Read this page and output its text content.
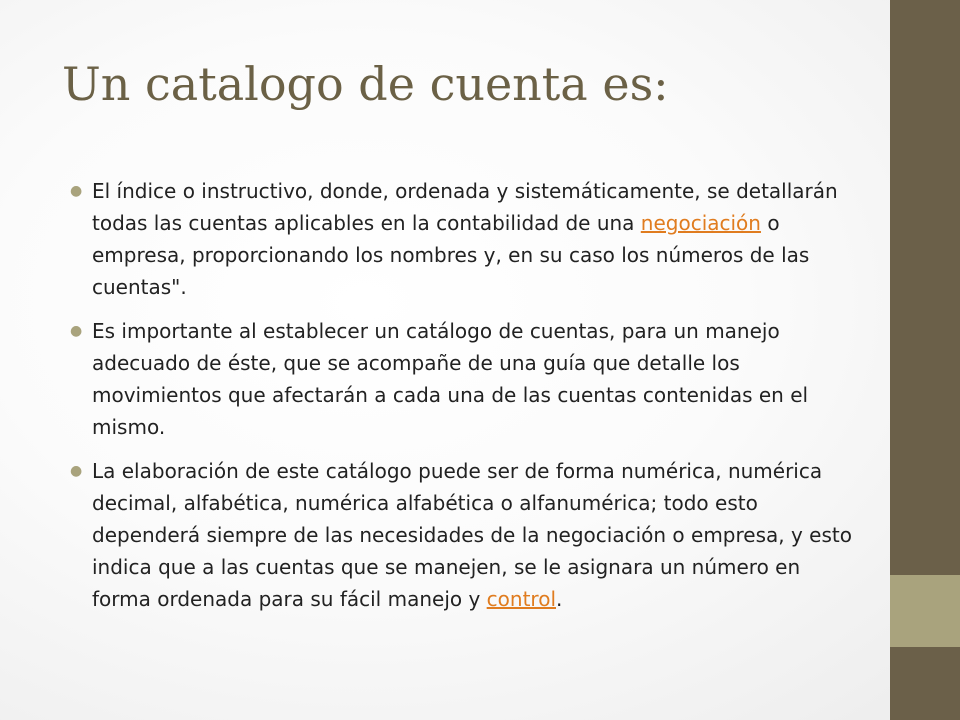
Un catalogo de cuenta es:
● El índice o instructivo, donde, ordenada y sistemáticamente, se detallarán todas las cuentas aplicables en la contabilidad de una negociación o empresa, proporcionando los nombres y, en su caso los números de las cuentas".
● Es importante al establecer un catálogo de cuentas, para un manejo adecuado de éste, que se acompañe de una guía que detalle los movimientos que afectarán a cada una de las cuentas contenidas en el mismo.
● La elaboración de este catálogo puede ser de forma numérica, numérica decimal, alfabética, numérica alfabética o alfanumérica; todo esto dependerá siempre de las necesidades de la negociación o empresa, y esto indica que a las cuentas que se manejen, se le asignara un número en forma ordenada para su fácil manejo y control.
